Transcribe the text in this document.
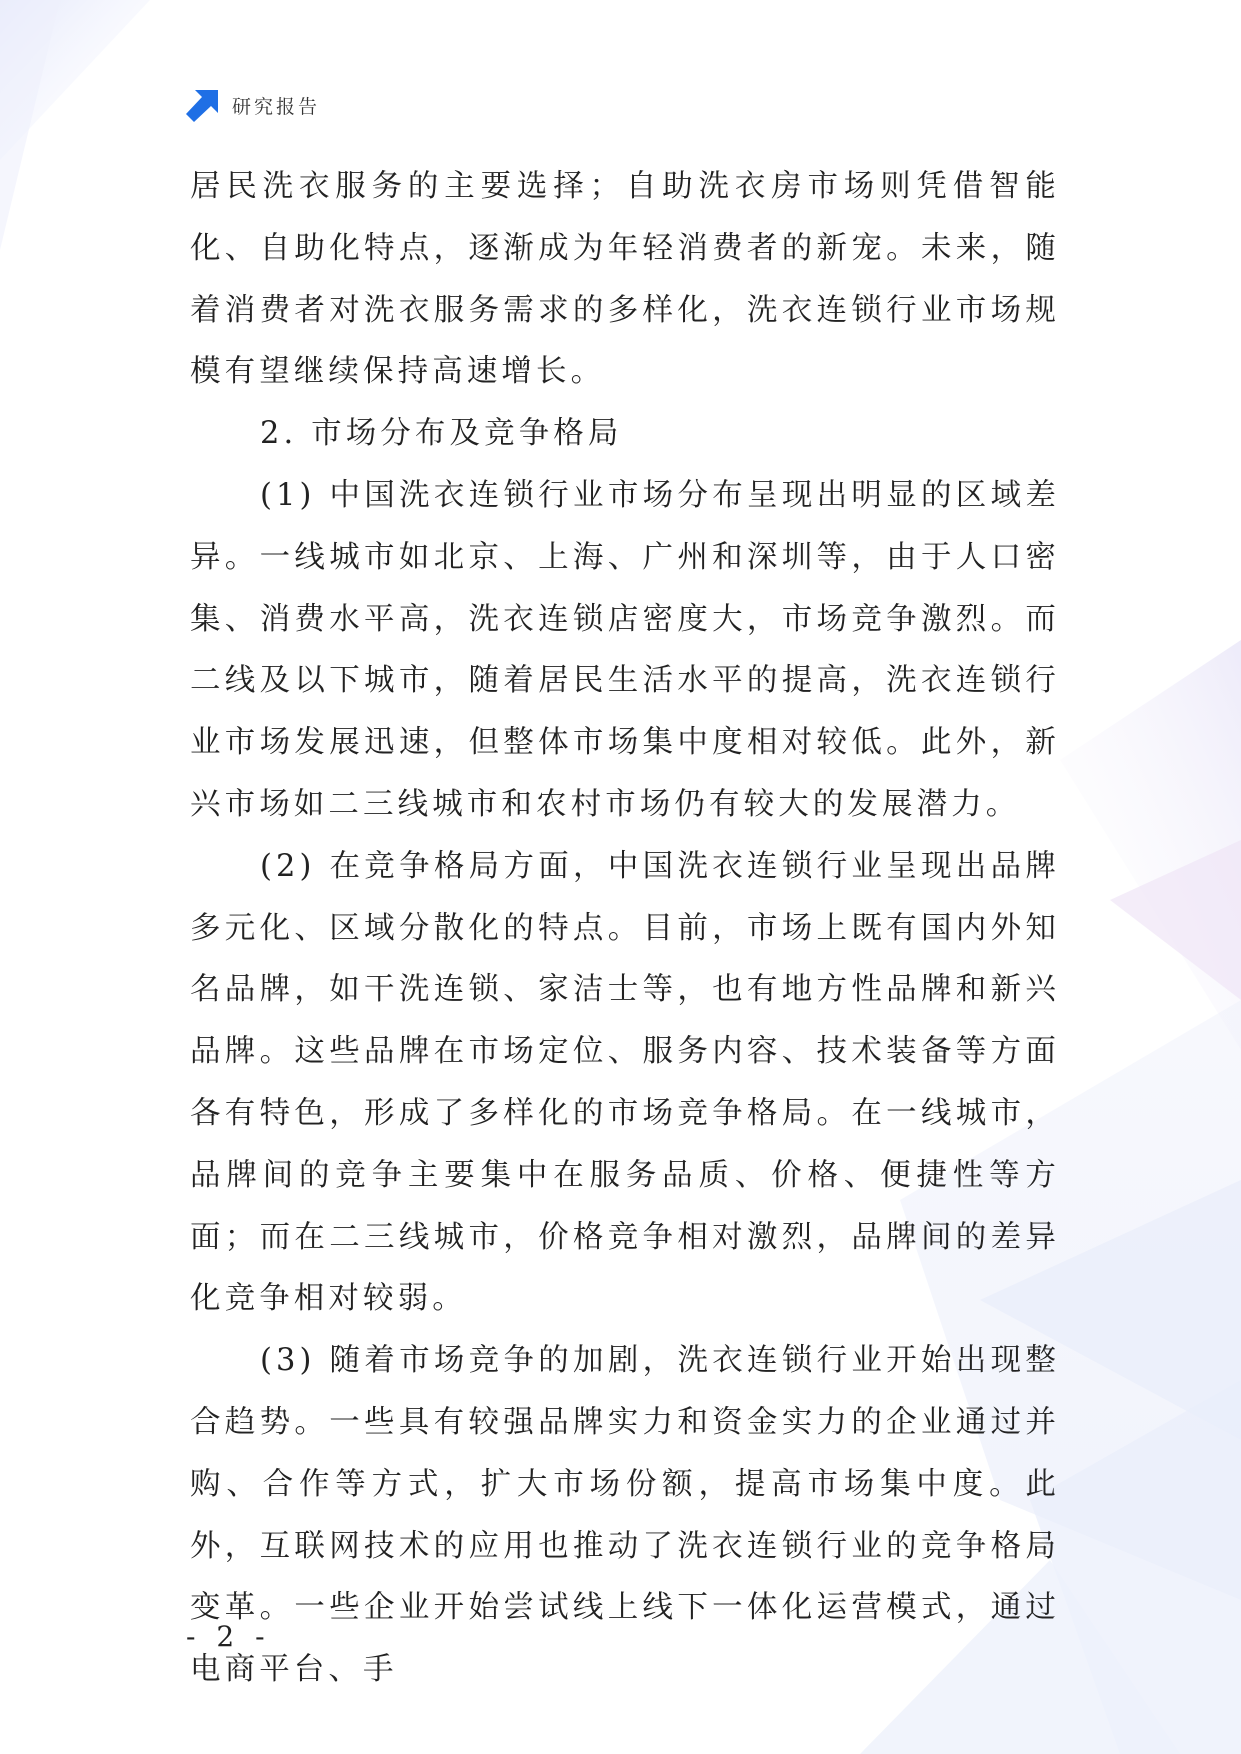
研究报告

居民洗衣服务的主要选择；自助洗衣房市场则凭借智能化、自助化特点，逐渐成为年轻消费者的新宠。未来，随着消费者对洗衣服务需求的多样化，洗衣连锁行业市场规模有望继续保持高速增长。

2. 市场分布及竞争格局

(1) 中国洗衣连锁行业市场分布呈现出明显的区域差异。一线城市如北京、上海、广州和深圳等，由于人口密集、消费水平高，洗衣连锁店密度大，市场竞争激烈。而二线及以下城市，随着居民生活水平的提高，洗衣连锁行业市场发展迅速，但整体市场集中度相对较低。此外，新兴市场如二三线城市和农村市场仍有较大的发展潜力。

(2) 在竞争格局方面，中国洗衣连锁行业呈现出品牌多元化、区域分散化的特点。目前，市场上既有国内外知名品牌，如干洗连锁、家洁士等，也有地方性品牌和新兴品牌。这些品牌在市场定位、服务内容、技术装备等方面各有特色，形成了多样化的市场竞争格局。在一线城市，品牌间的竞争主要集中在服务品质、价格、便捷性等方面；而在二三线城市，价格竞争相对激烈，品牌间的差异化竞争相对较弱。

(3) 随着市场竞争的加剧，洗衣连锁行业开始出现整合趋势。一些具有较强品牌实力和资金实力的企业通过并购、合作等方式，扩大市场份额，提高市场集中度。此外，互联网技术的应用也推动了洗衣连锁行业的竞争格局变革。一些企业开始尝试线上线下一体化运营模式，通过电商平台、手

- 2 -
